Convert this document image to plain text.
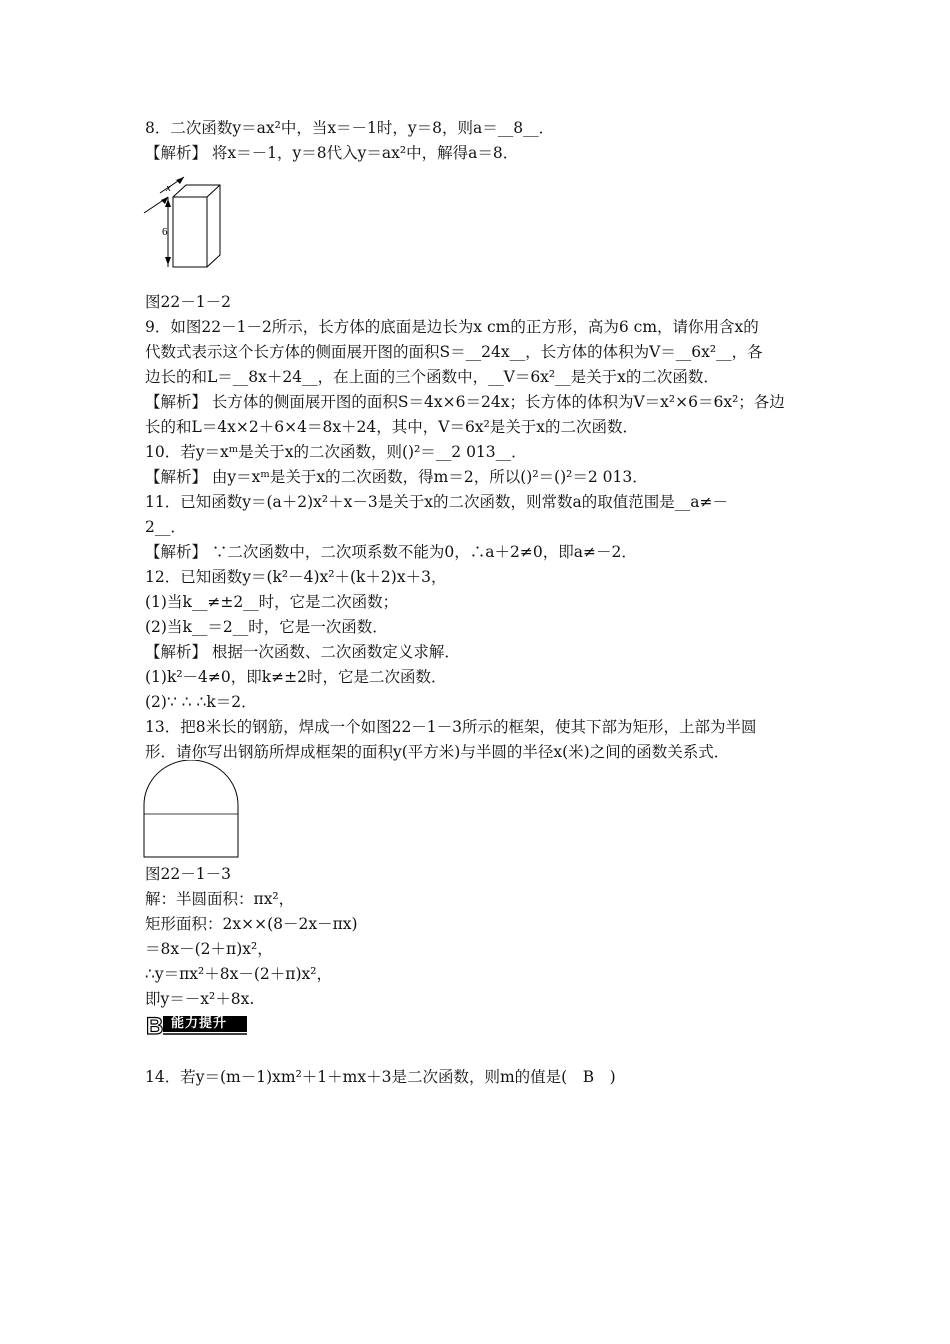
8．二次函数y＝ax²中，当x＝－1时，y＝8，则a＝__8__．
【解析】 将x＝－1，y＝8代入y＝ax²中，解得a＝8．
x
6
图22－1－2
9．如图22－1－2所示，长方体的底面是边长为x cm的正方形，高为6 cm，请你用含x的
代数式表示这个长方体的侧面展开图的面积S＝__24x__，长方体的体积为V＝__6x²__，各
边长的和L＝__8x＋24__，在上面的三个函数中，__V＝6x²__是关于x的二次函数．
【解析】 长方体的侧面展开图的面积S＝4x×6＝24x；长方体的体积为V＝x²×6＝6x²；各边
长的和L＝4x×2＋6×4＝8x＋24，其中，V＝6x²是关于x的二次函数．
10．若y＝xᵐ是关于x的二次函数，则()²＝__2 013__．
【解析】 由y＝xᵐ是关于x的二次函数，得m＝2，所以()²＝()²＝2 013．
11．已知函数y＝(a＋2)x²＋x－3是关于x的二次函数，则常数a的取值范围是__a≠－
2__．
【解析】 ∵二次函数中，二次项系数不能为0，∴a＋2≠0，即a≠－2．
12．已知函数y＝(k²－4)x²＋(k＋2)x＋3，
(1)当k__≠±2__时，它是二次函数；
(2)当k__＝2__时，它是一次函数．
【解析】 根据一次函数、二次函数定义求解．
(1)k²－4≠0，即k≠±2时，它是二次函数．
(2)∵ ∴ ∴k＝2．
13．把8米长的钢筋，焊成一个如图22－1－3所示的框架，使其下部为矩形，上部为半圆
形．请你写出钢筋所焊成框架的面积y(平方米)与半圆的半径x(米)之间的函数关系式．
图22－1－3
解：半圆面积：πx²，
矩形面积：2x××(8－2x－πx)
＝8x－(2＋π)x²，
∴y＝πx²＋8x－(2＋π)x²，
即y＝－x²＋8x.
B 能力提升
14．若y＝(m－1)xm²＋1＋mx＋3是二次函数，则m的值是(　B　)
